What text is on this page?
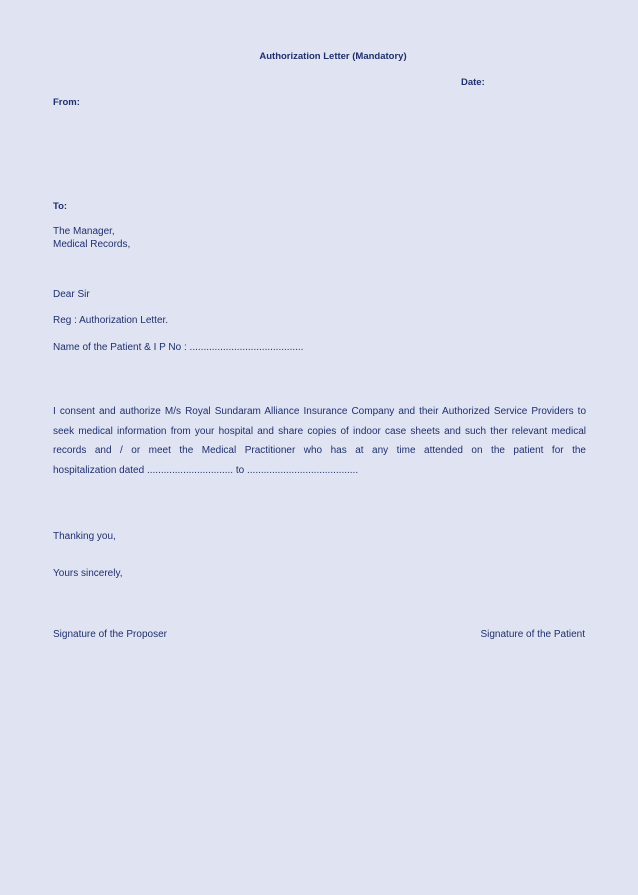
Authorization Letter (Mandatory)
Date:
From:
To:
The Manager,
Medical Records,
Dear Sir
Reg : Authorization Letter.
Name of the Patient & I P No : .........................................
I consent and authorize M/s Royal Sundaram Alliance Insurance Company and their Authorized Service Providers to
seek medical information from your hospital and share copies of indoor case sheets and such ther relevant medical
records and / or meet the Medical Practitioner who has at any time attended on the patient for the
hospitalization dated ............................... to ........................................
Thanking you,
Yours sincerely,
Signature of the Proposer	Signature of the Patient
